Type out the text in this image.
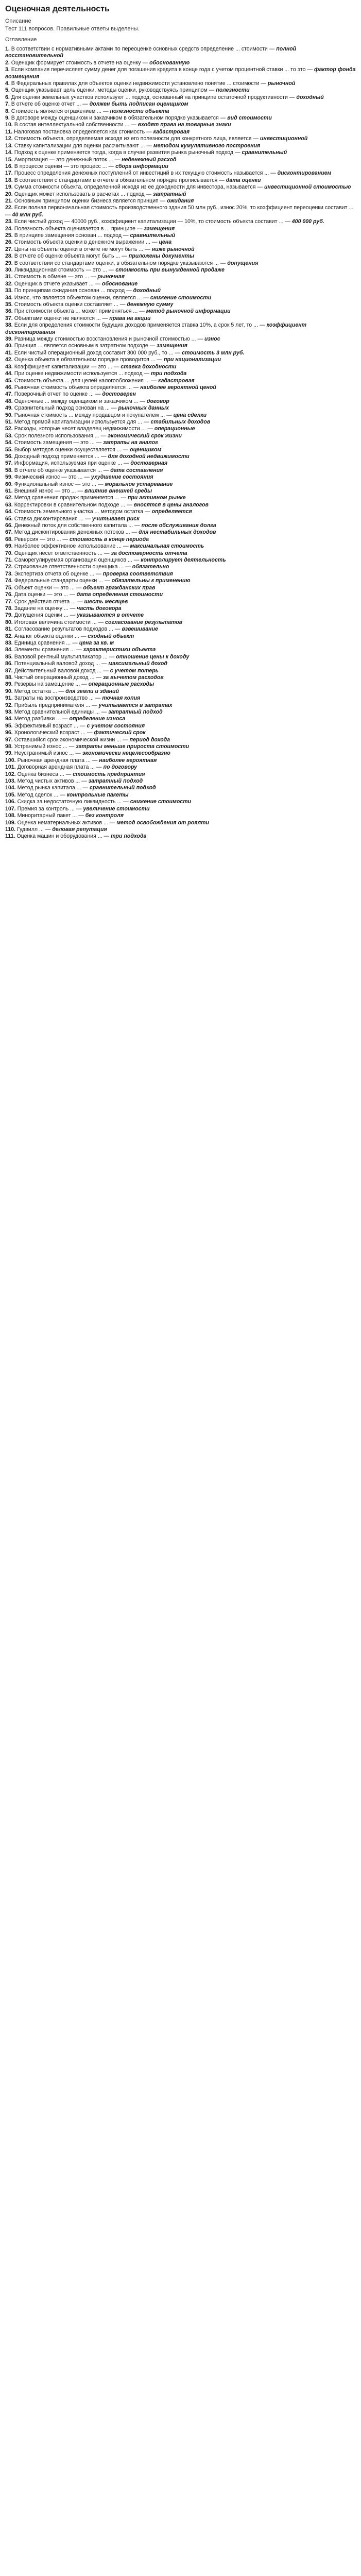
Оценочная деятельность
Описание
Тест 111 вопросов. Правильные ответы выделены.
Оглавление
1. В соответствии с нормативными актами по переоценке основных средств определение ... стоимости — полной восстановительной
2. Оценщик формирует стоимость в отчете на оценку — обоснованную
3. Если компания перечисляет сумму денег для погашения кредита в конце года с учетом процентной ставки ... то это — фактор фонда возмещения
4. В Федеральных правилах для объектов оценки недвижимости установлено понятие ... стоимости — рыночной
5. Оценщик указывает цель оценки, методы оценки, руководствуясь принципом — полезности
6. Для оценки земельных участков используют ... подход, основанный на принципе остаточной продуктивности — доходный
7. В отчете об оценке отчет ... — должен быть подписан оценщиком
8. Стоимость является отражением ... — полезности объекта
9. В договоре между оценщиком и заказчиком в обязательном порядке указывается — вид стоимости
10. В состав интеллектуальной собственности ... — входят права на товарные знаки
11. Налоговая постановка определяется как стоимость — кадастровая
12. Стоимость объекта, определяемая исходя из его полезности для конкретного лица, является — инвестиционной
13. Ставку капитализации для оценки рассчитывают ... — методом кумулятивного построения
14. Подход к оценке применяется тогда, когда в случае развития рынка рыночный подход — сравнительный
15. Амортизация — это денежный поток ... — неденежный расход
16. В процессе оценки — это процесс ... — сбора информации
17. Процесс определения денежных поступлений от инвестиций в их текущую стоимость называется ... — дисконтированием
18. В соответствии с стандартами в отчете в обязательном порядке прописывается — дата оценки
19. Сумма стоимости объекта, определенной исходя из ее доходности для инвестора, называется — инвестиционной стоимостью
20. Оценщик может использовать в расчетах ... подход — затратный
21. Основным принципом оценки бизнеса является принцип — ожидания
22. Если полная первоначальная стоимость производственного здания 50 млн руб., износ 20%, то коэффициент переоценки составит ... — 40 млн руб.
23. Если чистый доход — 40000 руб., коэффициент капитализации — 10%, то стоимость объекта составит ... — 400 000 руб.
24. Полезность объекта оценивается в ... принципе — замещения
25. В принципе замещения основан ... подход — сравнительный
26. Стоимость объекта оценки в денежном выражении ... — цена
27. Цены на объекты оценки в отчете не могут быть ... — ниже рыночной
28. В отчете об оценке объекта могут быть ... — приложены документы
29. В соответствии со стандартами оценки, в обязательном порядке указываются ... — допущения
30. Ликвидационная стоимость — это ... — стоимость при вынужденной продаже
31. Стоимость в обмене — это ... — рыночная
32. Оценщик в отчете указывает ... — обоснование
33. По принципам ожидания основан ... подход — доходный
34. Износ, что является объектом оценки, является ... — снижение стоимости
35. Стоимость объекта оценки составляет ... — денежную сумму
36. При стоимости объекта ... может применяться ... — метод рыночной информации
37. Объектами оценки не являются ... — права на акции
38. Если для определения стоимости будущих доходов применяется ставка 10%, а срок 5 лет, то ... — коэффициент дисконтирования
39. Разница между стоимостью восстановления и рыночной стоимостью ... — износ
40. Принцип ... является основным в затратном подходе — замещения
41. Если чистый операционный доход составит 300 000 руб., то ... — стоимость 3 млн руб.
42. Оценка объекта в обязательном порядке проводится ... — при национализации
43. Коэффициент капитализации — это ... — ставка доходности
44. При оценке недвижимости используется ... подход — три подхода
45. Стоимость объекта ... для целей налогообложения ... — кадастровая
46. Рыночная стоимость объекта определяется ... — наиболее вероятной ценой
47. Поверочный отчет по оценке ... — достоверен
48. Оценочные ... между оценщиком и заказчиком ... — договор
49. Сравнительный подход основан на ... — рыночных данных
50. Рыночная стоимость ... между продавцом и покупателем ... — цена сделки
51. Метод прямой капитализации используется для ... — стабильных доходов
52. Расходы, которые несет владелец недвижимости ... — операционные
53. Срок полезного использования ... — экономический срок жизни
54. Стоимость замещения — это ... — затраты на аналог
55. Выбор методов оценки осуществляется ... — оценщиком
56. Доходный подход применяется ... — для доходной недвижимости
57. Информация, используемая при оценке ... — достоверная
58. В отчете об оценке указывается ... — дата составления
59. Физический износ — это ... — ухудшение состояния
60. Функциональный износ — это ... — моральное устаревание
61. Внешний износ — это ... — влияние внешней среды
62. Метод сравнения продаж применяется ... — при активном рынке
63. Корректировки в сравнительном подходе ... — вносятся в цены аналогов
64. Стоимость земельного участка ... методом остатка — определяется
65. Ставка дисконтирования ... — учитывает риск
66. Денежный поток для собственного капитала ... — после обслуживания долга
67. Метод дисконтирования денежных потоков ... — для нестабильных доходов
68. Реверсия — это ... — стоимость в конце периода
69. Наиболее эффективное использование ... — максимальная стоимость
70. Оценщик несет ответственность ... — за достоверность отчета
71. Саморегулируемая организация оценщиков ... — контролирует деятельность
72. Страхование ответственности оценщика ... — обязательно
73. Экспертиза отчета об оценке ... — проверка соответствия
74. Федеральные стандарты оценки ... — обязательны к применению
75. Объект оценки — это ... — объект гражданских прав
76. Дата оценки — это ... — дата определения стоимости
77. Срок действия отчета ... — шесть месяцев
78. Задание на оценку ... — часть договора
79. Допущения оценки ... — указываются в отчете
80. Итоговая величина стоимости ... — согласование результатов
81. Согласование результатов подходов ... — взвешивание
82. Аналог объекта оценки ... — сходный объект
83. Единица сравнения ... — цена за кв. м
84. Элементы сравнения ... — характеристики объекта
85. Валовой рентный мультипликатор ... — отношение цены к доходу
86. Потенциальный валовой доход ... — максимальный доход
87. Действительный валовой доход ... — с учетом потерь
88. Чистый операционный доход ... — за вычетом расходов
89. Резервы на замещение ... — операционные расходы
90. Метод остатка ... — для земли и зданий
91. Затраты на воспроизводство ... — точная копия
92. Прибыль предпринимателя ... — учитывается в затратах
93. Метод сравнительной единицы ... — затратный подход
94. Метод разбивки ... — определение износа
95. Эффективный возраст ... — с учетом состояния
96. Хронологический возраст ... — фактический срок
97. Оставшийся срок экономической жизни ... — период дохода
98. Устранимый износ ... — затраты меньше прироста стоимости
99. Неустранимый износ ... — экономически нецелесообразно
100. Рыночная арендная плата ... — наиболее вероятная
101. Договорная арендная плата ... — по договору
102. Оценка бизнеса ... — стоимость предприятия
103. Метод чистых активов ... — затратный подход
104. Метод рынка капитала ... — сравнительный подход
105. Метод сделок ... — контрольные пакеты
106. Скидка за недостаточную ликвидность ... — снижение стоимости
107. Премия за контроль ... — увеличение стоимости
108. Миноритарный пакет ... — без контроля
109. Оценка нематериальных активов ... — метод освобождения от роялти
110. Гудвилл ... — деловая репутация
111. Оценка машин и оборудования ... — три подхода
